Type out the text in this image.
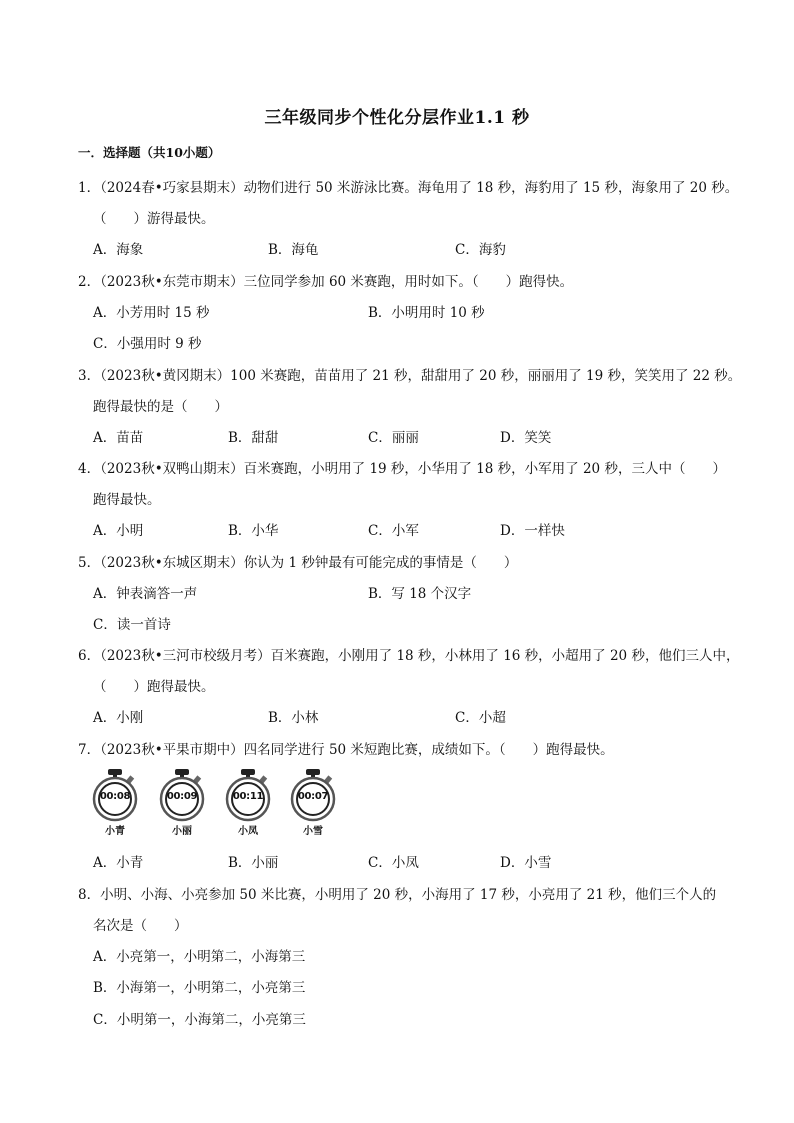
三年级同步个性化分层作业1.1 秒
一．选择题（共10小题）
1．（2024春•巧家县期末）动物们进行 50 米游泳比赛。海龟用了 18 秒，海豹用了 15 秒，海象用了 20 秒。
（　　）游得最快。
A．海象	B．海龟	C．海豹
2．（2023秋•东莞市期末）三位同学参加 60 米赛跑，用时如下。（　　）跑得快。
A．小芳用时 15 秒	B．小明用时 10 秒
C．小强用时 9 秒
3．（2023秋•黄冈期末）100 米赛跑，苗苗用了 21 秒，甜甜用了 20 秒，丽丽用了 19 秒，笑笑用了 22 秒。
跑得最快的是（　　）
A．苗苗	B．甜甜	C．丽丽	D．笑笑
4．（2023秋•双鸭山期末）百米赛跑，小明用了 19 秒，小华用了 18 秒，小军用了 20 秒，三人中（　　）
跑得最快。
A．小明	B．小华	C．小军	D．一样快
5．（2023秋•东城区期末）你认为 1 秒钟最有可能完成的事情是（　　）
A．钟表滴答一声	B．写 18 个汉字
C．读一首诗
6．（2023秋•三河市校级月考）百米赛跑，小刚用了 18 秒，小林用了 16 秒，小超用了 20 秒，他们三人中，
（　　）跑得最快。
A．小刚	B．小林	C．小超
7．（2023秋•平果市期中）四名同学进行 50 米短跑比赛，成绩如下。（　　）跑得最快。
00:08
小青
00:09
小丽
00:11
小凤
00:07
小雪
A．小青	B．小丽	C．小凤	D．小雪
8．小明、小海、小亮参加 50 米比赛，小明用了 20 秒，小海用了 17 秒，小亮用了 21 秒，他们三个人的
名次是（　　）
A．小亮第一，小明第二，小海第三
B．小海第一，小明第二，小亮第三
C．小明第一，小海第二，小亮第三
